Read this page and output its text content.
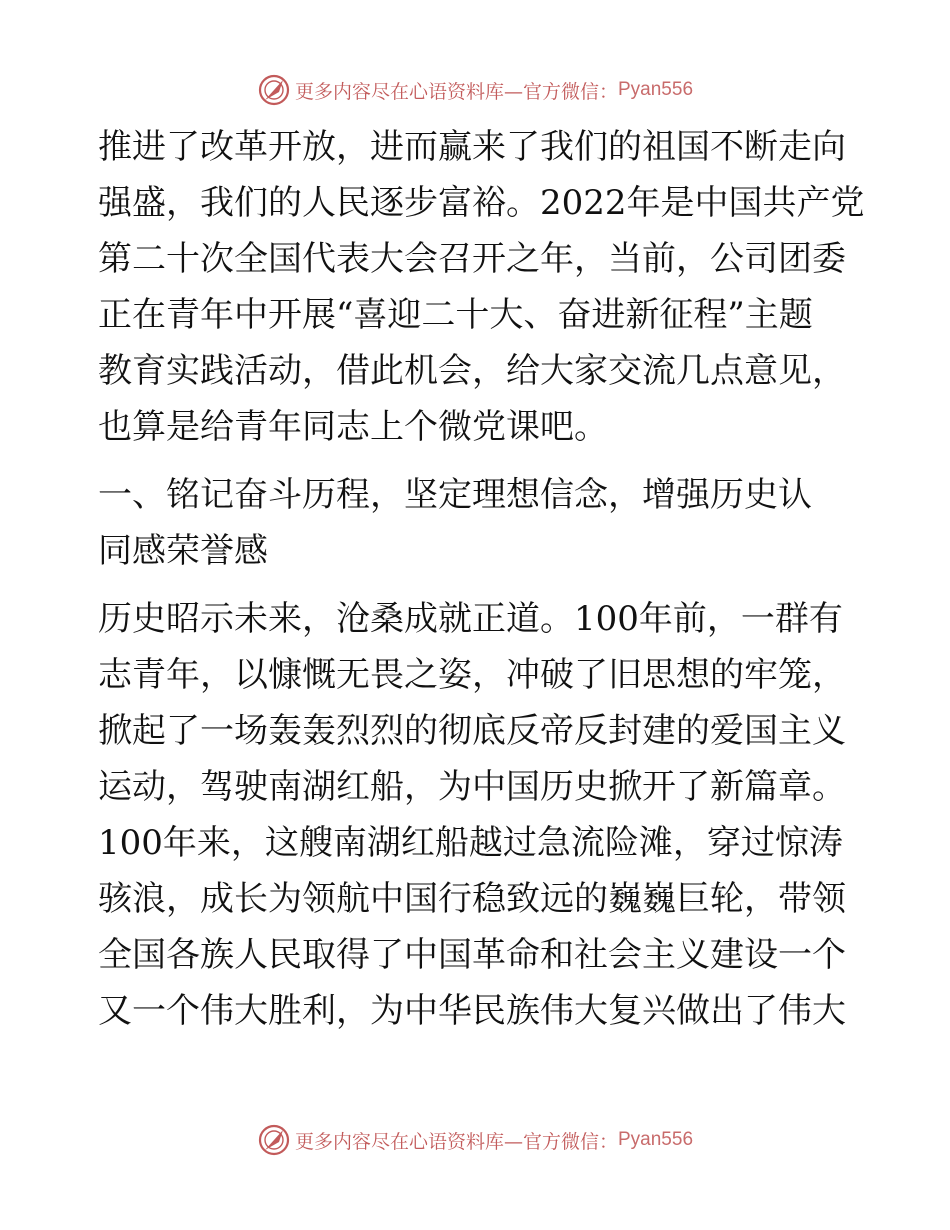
更多内容尽在心语资料库—官方微信： Pyan556
推进了改革开放，进而赢来了我们的祖国不断走向
强盛，我们的人民逐步富裕。2022年是中国共产党
第二十次全国代表大会召开之年，当前，公司团委
正在青年中开展“喜迎二十大、奋进新征程”主题
教育实践活动，借此机会，给大家交流几点意见，
也算是给青年同志上个微党课吧。
一、铭记奋斗历程，坚定理想信念，增强历史认
同感荣誉感
历史昭示未来，沧桑成就正道。100年前，一群有
志青年，以慷慨无畏之姿，冲破了旧思想的牢笼，
掀起了一场轰轰烈烈的彻底反帝反封建的爱国主义
运动，驾驶南湖红船，为中国历史掀开了新篇章。
100年来，这艘南湖红船越过急流险滩，穿过惊涛
骇浪，成长为领航中国行稳致远的巍巍巨轮，带领
全国各族人民取得了中国革命和社会主义建设一个
又一个伟大胜利，为中华民族伟大复兴做出了伟大
更多内容尽在心语资料库—官方微信： Pyan556
